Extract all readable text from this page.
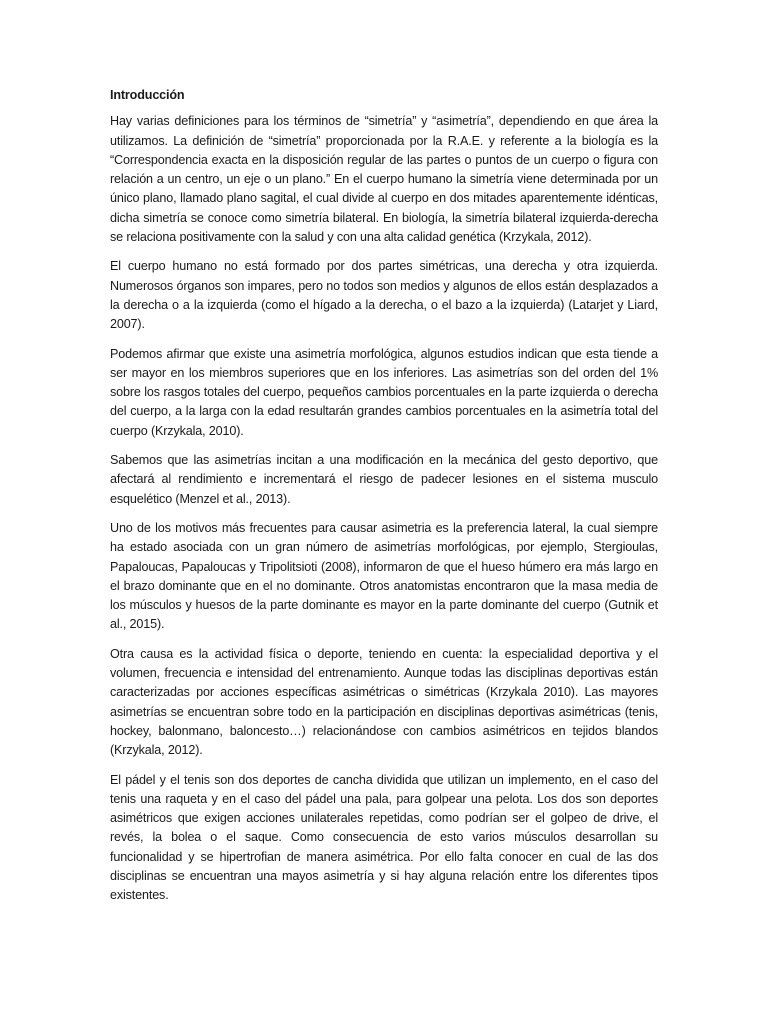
Introducción

Hay varias definiciones para los términos de “simetría” y “asimetría”, dependiendo en que área la utilizamos. La definición de “simetría” proporcionada por la R.A.E. y referente a la biología es la “Correspondencia exacta en la disposición regular de las partes o puntos de un cuerpo o figura con relación a un centro, un eje o un plano.” En el cuerpo humano la simetría viene determinada por un único plano, llamado plano sagital, el cual divide al cuerpo en dos mitades aparentemente idénticas, dicha simetría se conoce como simetría bilateral. En biología, la simetría bilateral izquierda-derecha se relaciona positivamente con la salud y con una alta calidad genética (Krzykala, 2012).

El cuerpo humano no está formado por dos partes simétricas, una derecha y otra izquierda. Numerosos órganos son impares, pero no todos son medios y algunos de ellos están desplazados a la derecha o a la izquierda (como el hígado a la derecha, o el bazo a la izquierda) (Latarjet y Liard, 2007).

Podemos afirmar que existe una asimetría morfológica, algunos estudios indican que esta tiende a ser mayor en los miembros superiores que en los inferiores. Las asimetrías son del orden del 1% sobre los rasgos totales del cuerpo, pequeños cambios porcentuales en la parte izquierda o derecha del cuerpo, a la larga con la edad resultarán grandes cambios porcentuales en la asimetría total del cuerpo (Krzykala, 2010).

Sabemos que las asimetrías incitan a una modificación en la mecánica del gesto deportivo, que afectará al rendimiento e incrementará el riesgo de padecer lesiones en el sistema musculo esquelético (Menzel et al., 2013).

Uno de los motivos más frecuentes para causar asimetria es la preferencia lateral, la cual siempre ha estado asociada con un gran número de asimetrías morfológicas, por ejemplo, Stergioulas, Papaloucas, Papaloucas y Tripolitsioti (2008), informaron de que el hueso húmero era más largo en el brazo dominante que en el no dominante. Otros anatomistas encontraron que la masa media de los músculos y huesos de la parte dominante es mayor en la parte dominante del cuerpo (Gutnik et al., 2015).

Otra causa es la actividad física o deporte, teniendo en cuenta: la especialidad deportiva y el volumen, frecuencia e intensidad del entrenamiento. Aunque todas las disciplinas deportivas están caracterizadas por acciones específicas asimétricas o simétricas (Krzykala 2010). Las mayores asimetrías se encuentran sobre todo en la participación en disciplinas deportivas asimétricas (tenis, hockey, balonmano, baloncesto…) relacionándose con cambios asimétricos en tejidos blandos (Krzykala, 2012).

El pádel y el tenis son dos deportes de cancha dividida que utilizan un implemento, en el caso del tenis una raqueta y en el caso del pádel una pala, para golpear una pelota. Los dos son deportes asimétricos que exigen acciones unilaterales repetidas, como podrían ser el golpeo de drive, el revés, la bolea o el saque. Como consecuencia de esto varios músculos desarrollan su funcionalidad y se hipertrofian de manera asimétrica. Por ello falta conocer en cual de las dos disciplinas se encuentran una mayos asimetría y si hay alguna relación entre los diferentes tipos existentes.
